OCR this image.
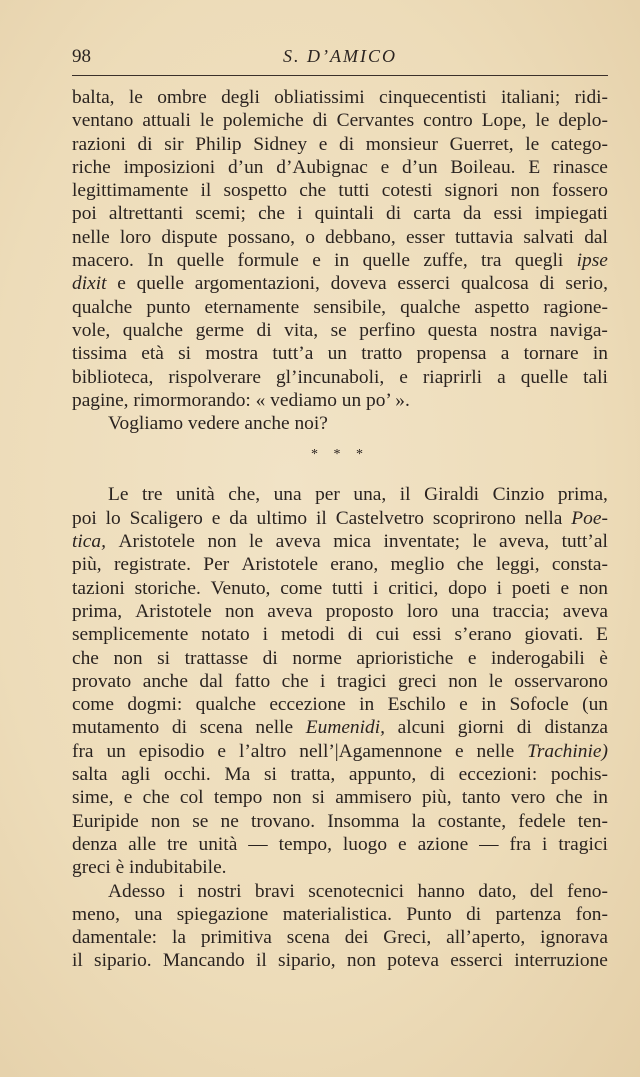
98	S. D’AMICO
balta, le ombre degli obliatissimi cinquecentisti italiani; ridi-
ventano attuali le polemiche di Cervantes contro Lope, le deplo-
razioni di sir Philip Sidney e di monsieur Guerret, le catego-
riche imposizioni d’un d’Aubignac e d’un Boileau. E rinasce
legittimamente il sospetto che tutti cotesti signori non fossero
poi altrettanti scemi; che i quintali di carta da essi impiegati
nelle loro dispute possano, o debbano, esser tuttavia salvati dal
macero. In quelle formule e in quelle zuffe, tra quegli ipse
dixit e quelle argomentazioni, doveva esserci qualcosa di serio,
qualche punto eternamente sensibile, qualche aspetto ragione-
vole, qualche germe di vita, se perfino questa nostra naviga-
tissima età si mostra tutt’a un tratto propensa a tornare in
biblioteca, rispolverare gl’incunaboli, e riaprirli a quelle tali
pagine, rimormorando: « vediamo un po’ ».
Vogliamo vedere anche noi?
* * *
Le tre unità che, una per una, il Giraldi Cinzio prima,
poi lo Scaligero e da ultimo il Castelvetro scoprirono nella Poe-
tica, Aristotele non le aveva mica inventate; le aveva, tutt’al
più, registrate. Per Aristotele erano, meglio che leggi, consta-
tazioni storiche. Venuto, come tutti i critici, dopo i poeti e non
prima, Aristotele non aveva proposto loro una traccia; aveva
semplicemente notato i metodi di cui essi s’erano giovati. E
che non si trattasse di norme aprioristiche e inderogabili è
provato anche dal fatto che i tragici greci non le osservarono
come dogmi: qualche eccezione in Eschilo e in Sofocle (un
mutamento di scena nelle Eumenidi, alcuni giorni di distanza
fra un episodio e l’altro nell’|Agamennone e nelle Trachinie)
salta agli occhi. Ma si tratta, appunto, di eccezioni: pochis-
sime, e che col tempo non si ammisero più, tanto vero che in
Euripide non se ne trovano. Insomma la costante, fedele ten-
denza alle tre unità — tempo, luogo e azione — fra i tragici
greci è indubitabile.
Adesso i nostri bravi scenotecnici hanno dato, del feno-
meno, una spiegazione materialistica. Punto di partenza fon-
damentale: la primitiva scena dei Greci, all’aperto, ignorava
il sipario. Mancando il sipario, non poteva esserci interruzione
